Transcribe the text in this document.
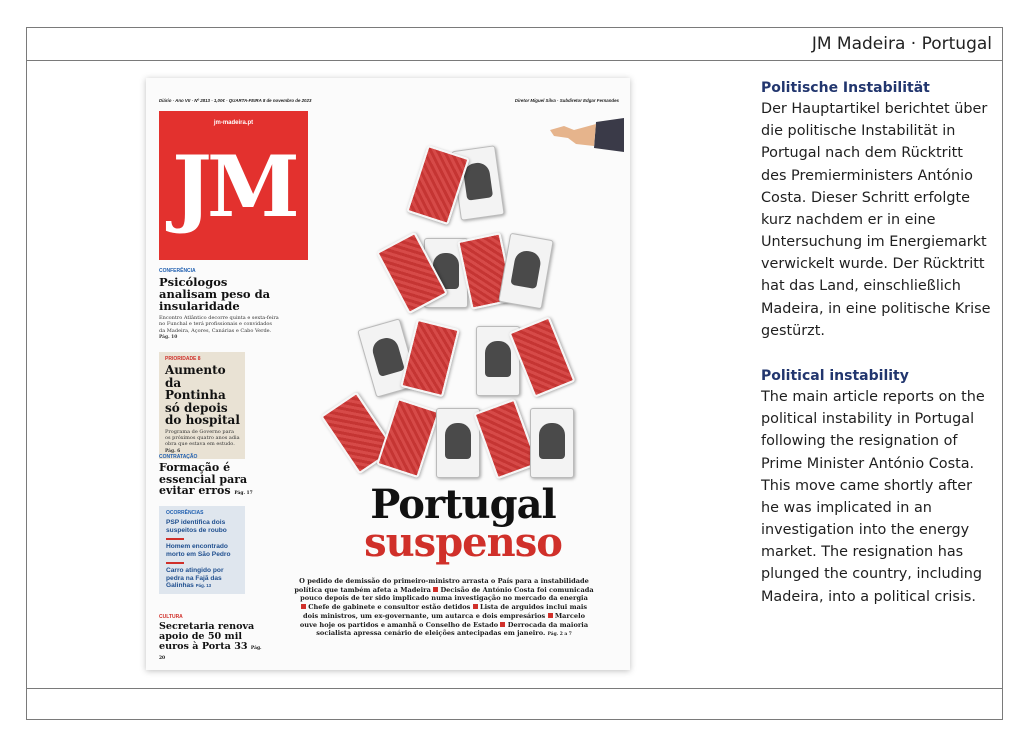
JM Madeira · Portugal
Diário · Ano VII · Nº 2813 · 1,00€ · QUARTA-FEIRA 8 de novembro de 2023	Diretor Miguel Silva · Subdiretor Edgar Fernandes
jm-madeira.pt
JM
CONFERÊNCIA
Psicólogos analisam peso da insularidade
Encontro Atlântico decorre quinta e sexta-feira no Funchal e terá profissionais e convidados da Madeira, Açores, Canárias e Cabo Verde. Pág. 10
PRIORIDADE 8
Aumento da Pontinha só depois do hospital
Programa de Governo para os próximos quatro anos adia obra que estava em estudo. Pág. 6
CONTRATAÇÃO
Formação é essencial para evitar erros Pág. 17
OCORRÊNCIAS
PSP identifica dois suspeitos de roubo
Homem encontrado morto em São Pedro
Carro atingido por pedra na Fajã das Galinhas Pág. 13
CULTURA
Secretaria renova apoio de 50 mil euros à Porta 33 Pág. 20
Portugal
suspenso
O pedido de demissão do primeiro-ministro arrasta o País para a instabilidade
política que também afeta a Madeira Decisão de António Costa foi comunicada
pouco depois de ter sido implicado numa investigação no mercado da energia
Chefe de gabinete e consultor estão detidos Lista de arguidos inclui mais
dois ministros, um ex-governante, um autarca e dois empresários Marcelo
ouve hoje os partidos e amanhã o Conselho de Estado Derrocada da maioria
socialista apressa cenário de eleições antecipadas em janeiro. Pág. 2 a 7
Politische Instabilität
Der Hauptartikel berichtet über die politische Instabilität in Portugal nach dem Rücktritt des Premierministers António Costa. Dieser Schritt erfolgte kurz nachdem er in eine Untersuchung im Energiemarkt verwickelt wurde. Der Rücktritt hat das Land, einschließlich Madeira, in eine politische Krise gestürzt.
Political instability
The main article reports on the political instability in Portugal following the resignation of Prime Minister António Costa. This move came shortly after he was implicated in an investigation into the energy market. The resignation has plunged the country, including Madeira, into a political crisis.
